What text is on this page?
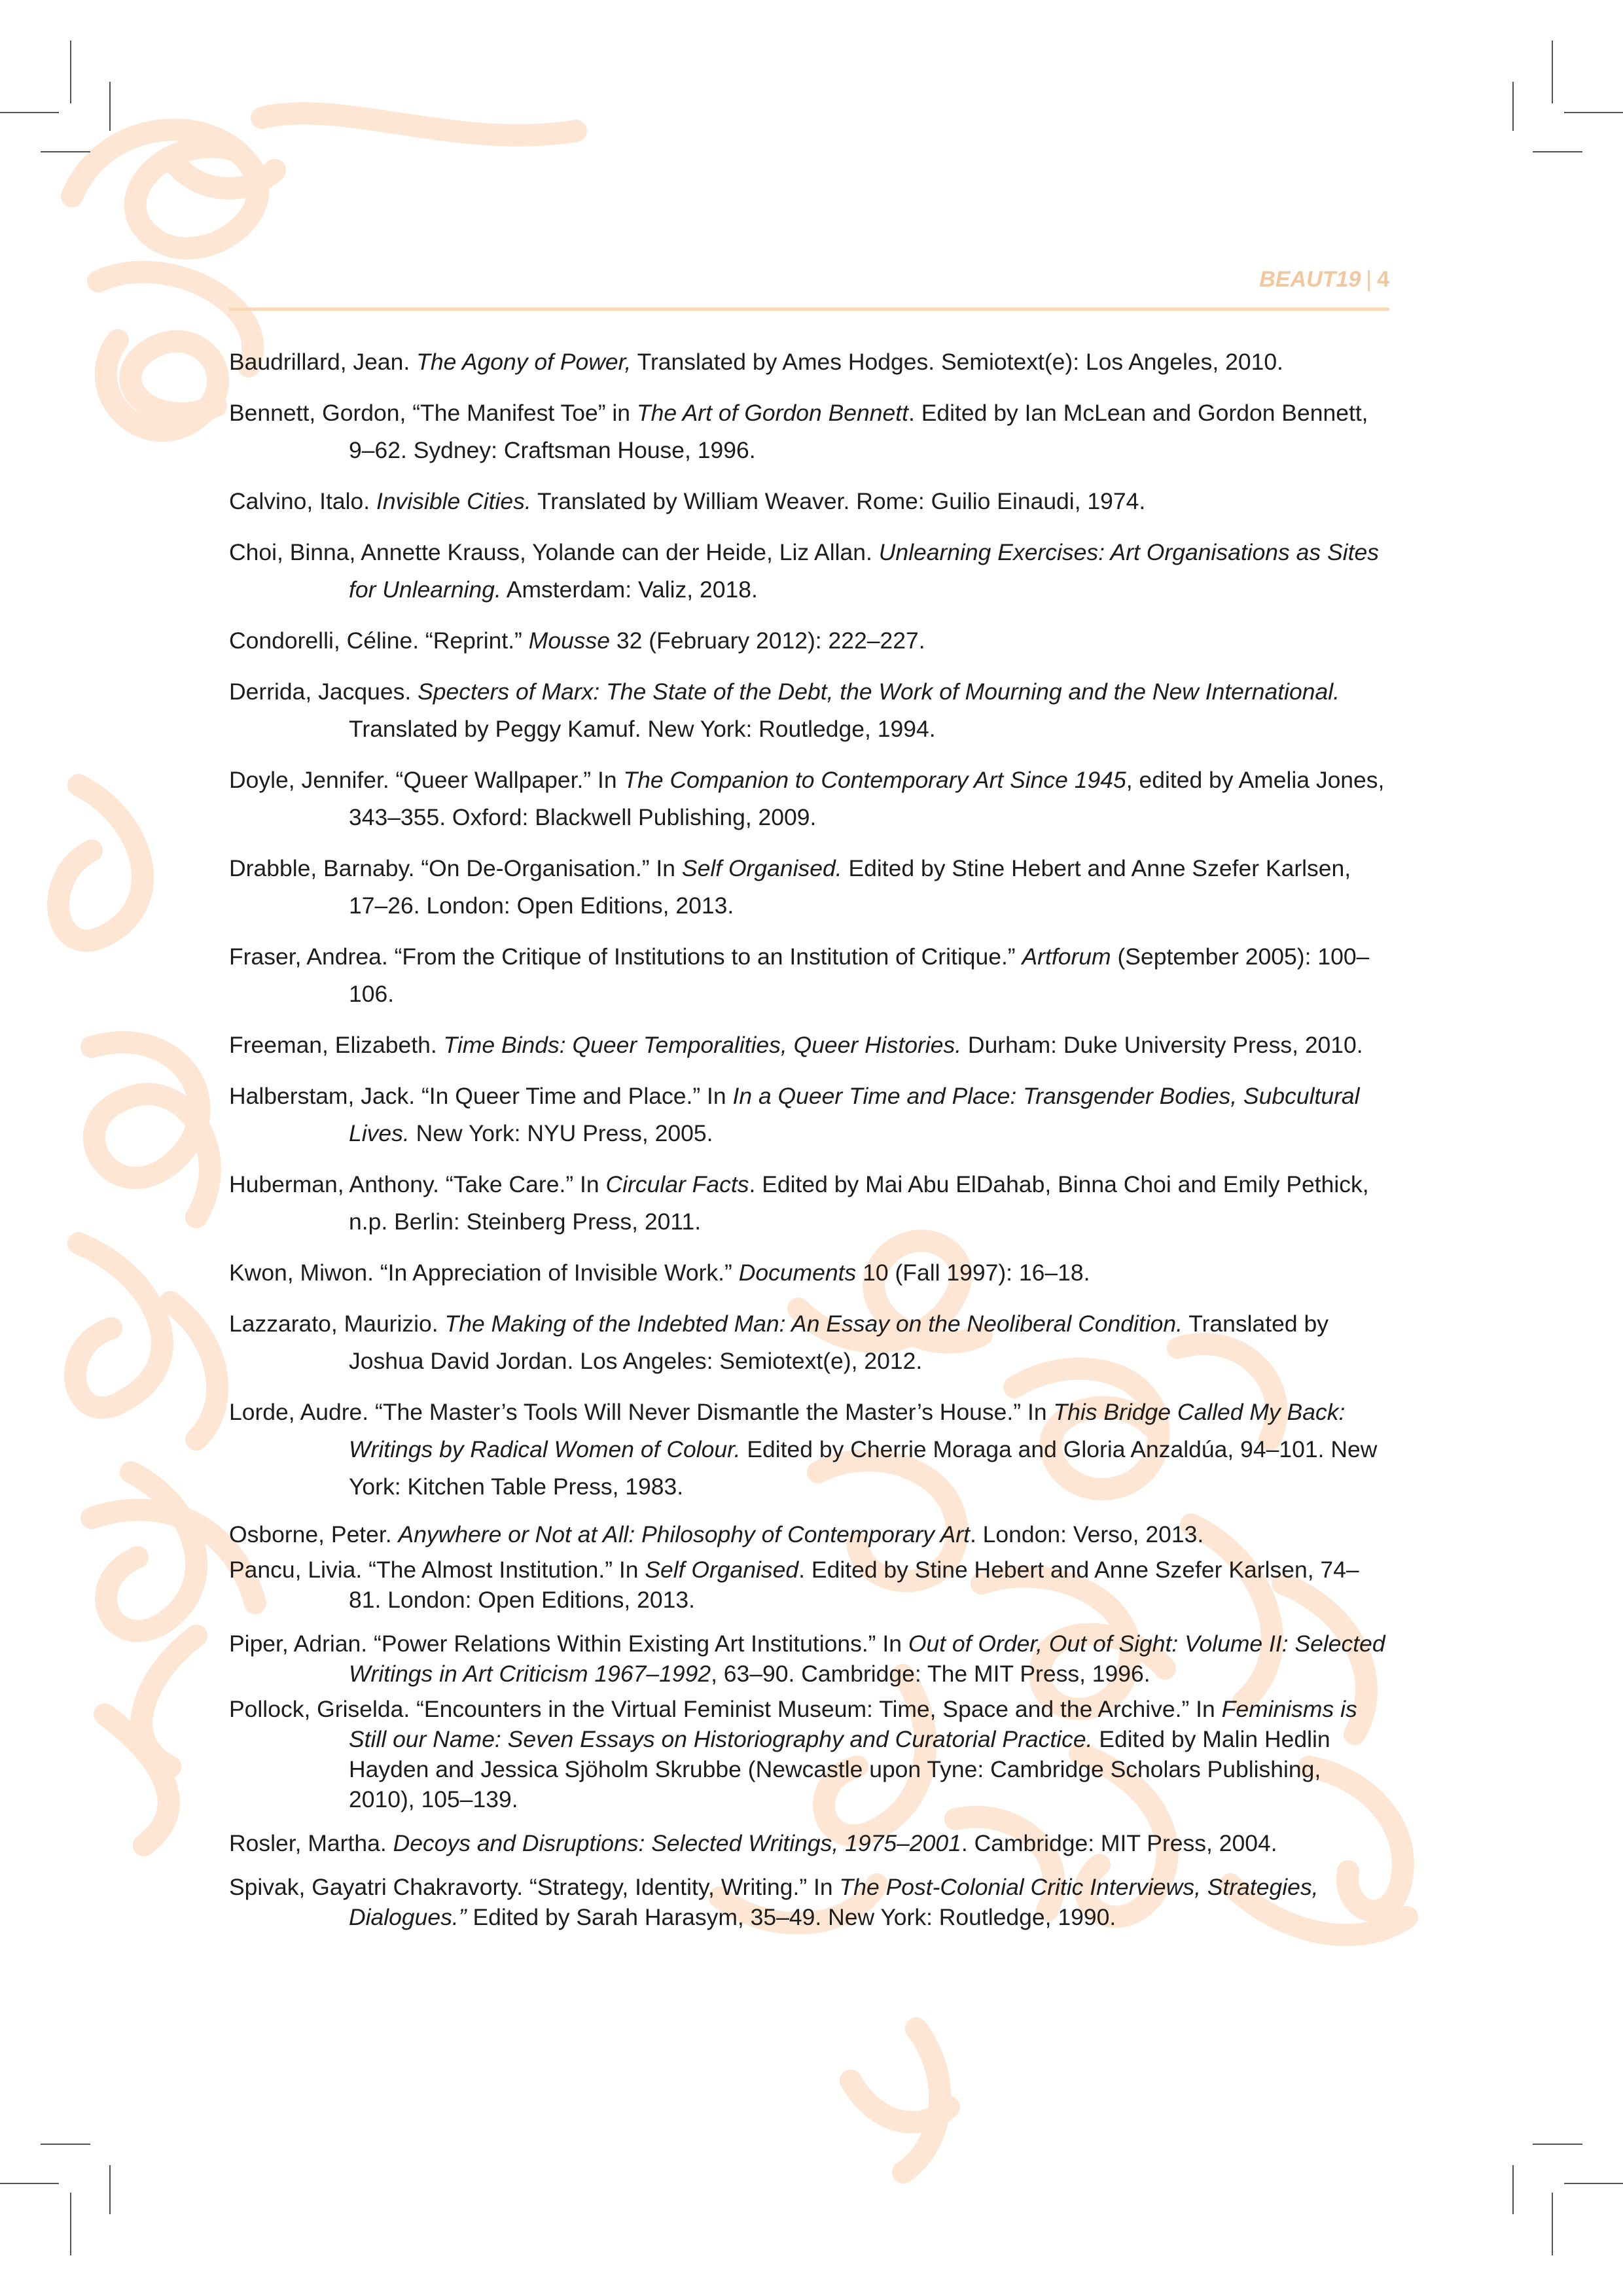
BEAUT19 | 4

Baudrillard, Jean. The Agony of Power, Translated by Ames Hodges. Semiotext(e): Los Angeles, 2010.

Bennett, Gordon, “The Manifest Toe” in The Art of Gordon Bennett. Edited by Ian McLean and Gordon Bennett, 9–62. Sydney: Craftsman House, 1996.

Calvino, Italo. Invisible Cities. Translated by William Weaver. Rome: Guilio Einaudi, 1974.

Choi, Binna, Annette Krauss, Yolande can der Heide, Liz Allan. Unlearning Exercises: Art Organisations as Sites for Unlearning. Amsterdam: Valiz, 2018.

Condorelli, Céline. “Reprint.” Mousse 32 (February 2012): 222–227.

Derrida, Jacques. Specters of Marx: The State of the Debt, the Work of Mourning and the New International. Translated by Peggy Kamuf. New York: Routledge, 1994.

Doyle, Jennifer. “Queer Wallpaper.” In The Companion to Contemporary Art Since 1945, edited by Amelia Jones, 343–355. Oxford: Blackwell Publishing, 2009.

Drabble, Barnaby. “On De-Organisation.” In Self Organised. Edited by Stine Hebert and Anne Szefer Karlsen, 17–26. London: Open Editions, 2013.

Fraser, Andrea. “From the Critique of Institutions to an Institution of Critique.” Artforum (September 2005): 100–106.

Freeman, Elizabeth. Time Binds: Queer Temporalities, Queer Histories. Durham: Duke University Press, 2010.

Halberstam, Jack. “In Queer Time and Place.” In In a Queer Time and Place: Transgender Bodies, Subcultural Lives. New York: NYU Press, 2005.

Huberman, Anthony. “Take Care.” In Circular Facts. Edited by Mai Abu ElDahab, Binna Choi and Emily Pethick, n.p. Berlin: Steinberg Press, 2011.

Kwon, Miwon. “In Appreciation of Invisible Work.” Documents 10 (Fall 1997): 16–18.

Lazzarato, Maurizio. The Making of the Indebted Man: An Essay on the Neoliberal Condition. Translated by Joshua David Jordan. Los Angeles: Semiotext(e), 2012.

Lorde, Audre. “The Master’s Tools Will Never Dismantle the Master’s House.” In This Bridge Called My Back: Writings by Radical Women of Colour. Edited by Cherrie Moraga and Gloria Anzaldúa, 94–101. New York: Kitchen Table Press, 1983.

Osborne, Peter. Anywhere or Not at All: Philosophy of Contemporary Art. London: Verso, 2013.

Pancu, Livia. “The Almost Institution.” In Self Organised. Edited by Stine Hebert and Anne Szefer Karlsen, 74–81. London: Open Editions, 2013.

Piper, Adrian. “Power Relations Within Existing Art Institutions.” In Out of Order, Out of Sight: Volume II: Selected Writings in Art Criticism 1967–1992, 63–90. Cambridge: The MIT Press, 1996.

Pollock, Griselda. “Encounters in the Virtual Feminist Museum: Time, Space and the Archive.” In Feminisms is Still our Name: Seven Essays on Historiography and Curatorial Practice. Edited by Malin Hedlin Hayden and Jessica Sjöholm Skrubbe (Newcastle upon Tyne: Cambridge Scholars Publishing, 2010), 105–139.

Rosler, Martha. Decoys and Disruptions: Selected Writings, 1975–2001. Cambridge: MIT Press, 2004.

Spivak, Gayatri Chakravorty. “Strategy, Identity, Writing.” In The Post-Colonial Critic Interviews, Strategies, Dialogues.” Edited by Sarah Harasym, 35–49. New York: Routledge, 1990.
